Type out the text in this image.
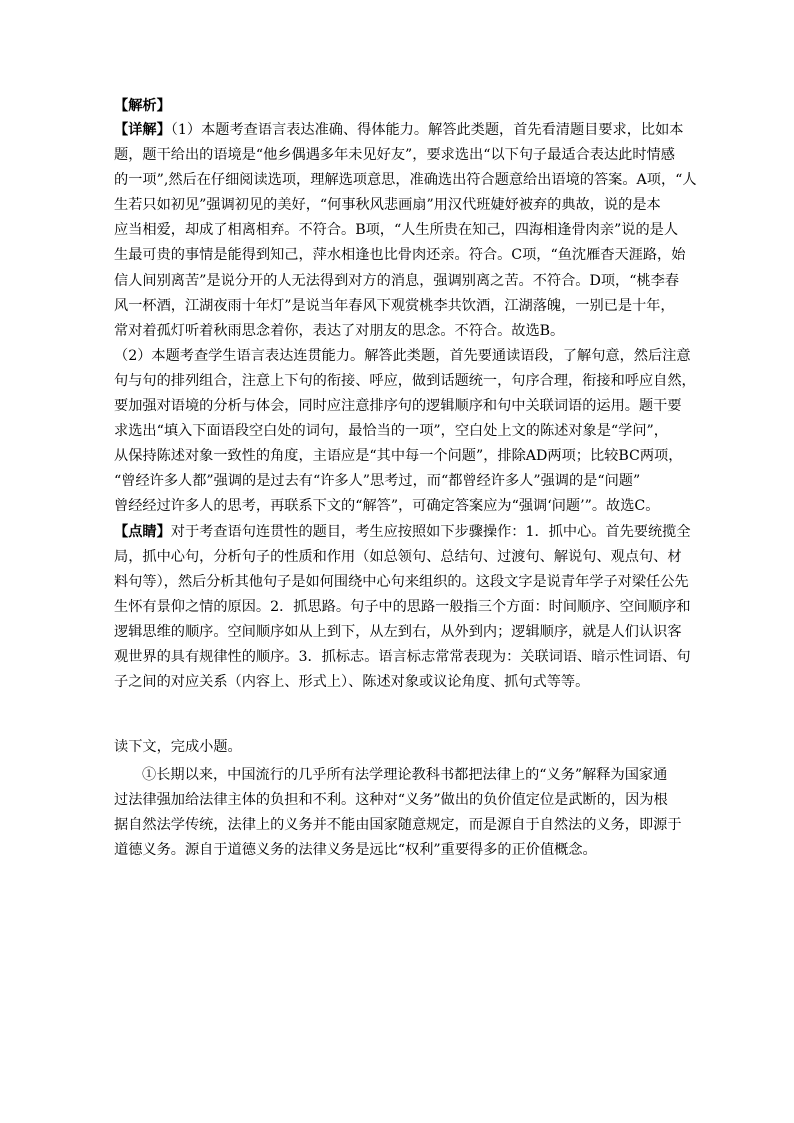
【解析】
【详解】（1）本题考查语言表达准确、得体能力。解答此类题，首先看清题目要求，比如本
题，题干给出的语境是“他乡偶遇多年未见好友”，要求选出“以下句子最适合表达此时情感
的一项”,然后在仔细阅读选项，理解选项意思，准确选出符合题意给出语境的答案。A项，“人
生若只如初见”强调初见的美好，“何事秋风悲画扇”用汉代班婕妤被弃的典故，说的是本
应当相爱，却成了相离相弃。不符合。B项，“人生所贵在知己，四海相逢骨肉亲”说的是人
生最可贵的事情是能得到知己，萍水相逢也比骨肉还亲。符合。C项，“鱼沈雁杳天涯路，始
信人间别离苦”是说分开的人无法得到对方的消息，强调别离之苦。不符合。D项，“桃李春
风一杯酒，江湖夜雨十年灯”是说当年春风下观赏桃李共饮酒，江湖落魄，一别已是十年，
常对着孤灯听着秋雨思念着你，表达了对朋友的思念。不符合。故选B。
（2）本题考查学生语言表达连贯能力。解答此类题，首先要通读语段，了解句意，然后注意
句与句的排列组合，注意上下句的衔接、呼应，做到话题统一，句序合理，衔接和呼应自然，
要加强对语境的分析与体会，同时应注意排序句的逻辑顺序和句中关联词语的运用。题干要
求选出“填入下面语段空白处的词句，最恰当的一项”，空白处上文的陈述对象是“学问”，
从保持陈述对象一致性的角度，主语应是“其中每一个问题”，排除AD两项；比较BC两项，
“曾经许多人都”强调的是过去有“许多人”思考过，而“都曾经许多人”强调的是“问题”
曾经经过许多人的思考，再联系下文的“解答”，可确定答案应为“强调‘问题’”。故选C。
【点睛】对于考查语句连贯性的题目，考生应按照如下步骤操作：1．抓中心。首先要统揽全
局，抓中心句，分析句子的性质和作用（如总领句、总结句、过渡句、解说句、观点句、材
料句等），然后分析其他句子是如何围绕中心句来组织的。这段文字是说青年学子对梁任公先
生怀有景仰之情的原因。2．抓思路。句子中的思路一般指三个方面：时间顺序、空间顺序和
逻辑思维的顺序。空间顺序如从上到下，从左到右，从外到内；逻辑顺序，就是人们认识客
观世界的具有规律性的顺序。3．抓标志。语言标志常常表现为：关联词语、暗示性词语、句
子之间的对应关系（内容上、形式上）、陈述对象或议论角度、抓句式等等。
读下文，完成小题。
①长期以来，中国流行的几乎所有法学理论教科书都把法律上的“义务”解释为国家通
过法律强加给法律主体的负担和不利。这种对“义务”做出的负价值定位是武断的，因为根
据自然法学传统，法律上的义务并不能由国家随意规定，而是源自于自然法的义务，即源于
道德义务。源自于道德义务的法律义务是远比“权利”重要得多的正价值概念。
